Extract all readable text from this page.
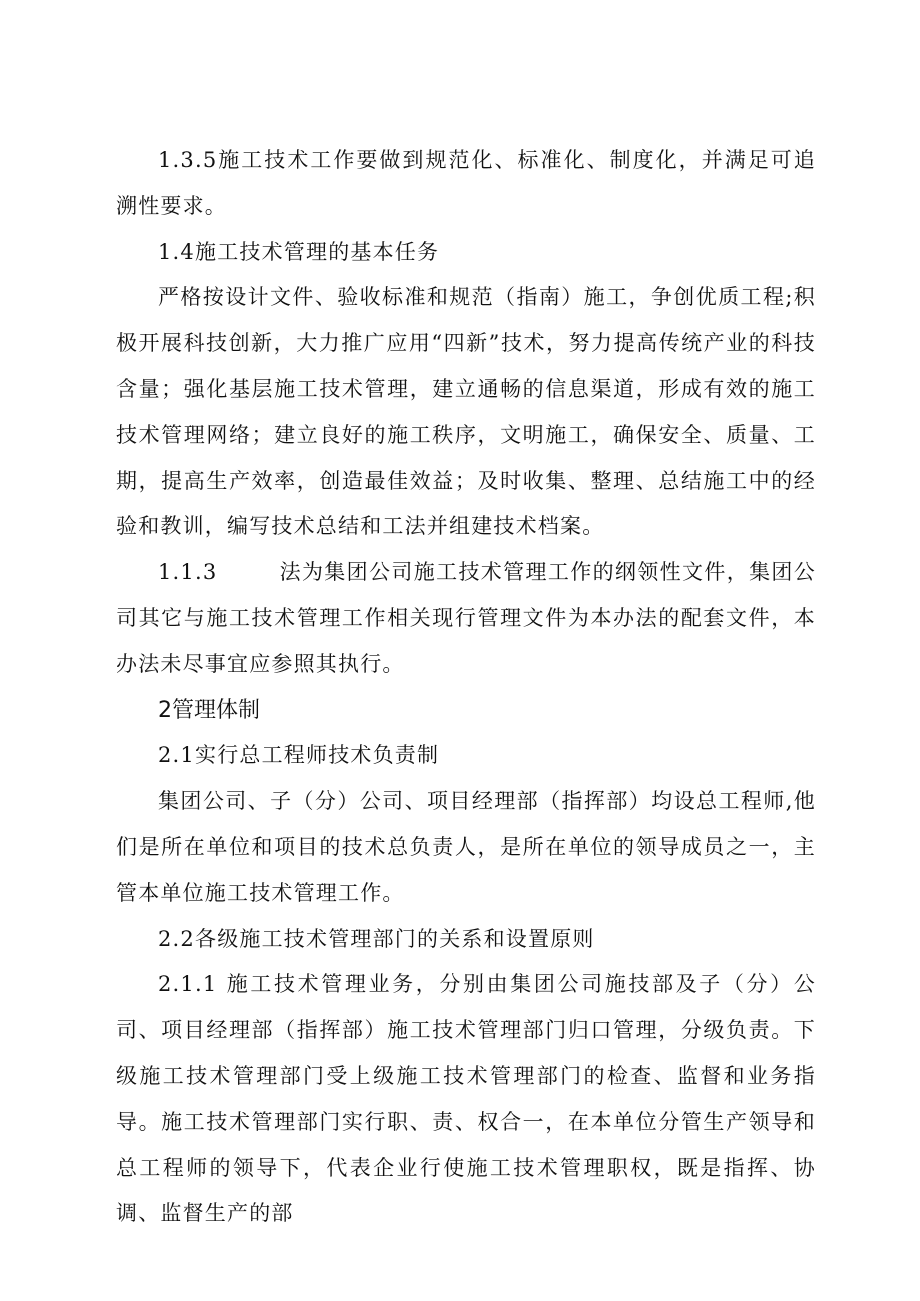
1.3.5施工技术工作要做到规范化、标准化、制度化，并满足可追溯性要求。

1.4施工技术管理的基本任务

严格按设计文件、验收标准和规范（指南）施工，争创优质工程;积极开展科技创新，大力推广应用“四新”技术，努力提高传统产业的科技含量；强化基层施工技术管理，建立通畅的信息渠道，形成有效的施工技术管理网络；建立良好的施工秩序，文明施工，确保安全、质量、工期，提高生产效率，创造最佳效益；及时收集、整理、总结施工中的经验和教训，编写技术总结和工法并组建技术档案。

1.1.3	法为集团公司施工技术管理工作的纲领性文件，集团公司其它与施工技术管理工作相关现行管理文件为本办法的配套文件，本办法未尽事宜应参照其执行。

2管理体制

2.1实行总工程师技术负责制

集团公司、子（分）公司、项目经理部（指挥部）均设总工程师,他们是所在单位和项目的技术总负责人，是所在单位的领导成员之一，主管本单位施工技术管理工作。

2.2各级施工技术管理部门的关系和设置原则

2.1.1 施工技术管理业务，分别由集团公司施技部及子（分）公司、项目经理部（指挥部）施工技术管理部门归口管理，分级负责。下级施工技术管理部门受上级施工技术管理部门的检查、监督和业务指导。施工技术管理部门实行职、责、权合一，在本单位分管生产领导和总工程师的领导下，代表企业行使施工技术管理职权，既是指挥、协调、监督生产的部
